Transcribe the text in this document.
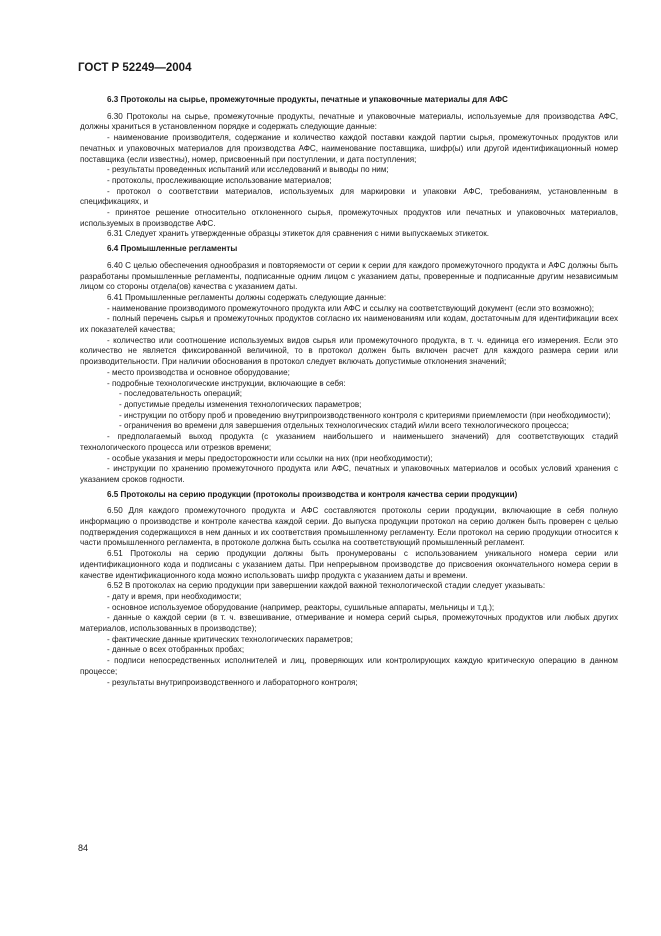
ГОСТ Р 52249—2004
6.3 Протоколы на сырье, промежуточные продукты, печатные и упаковочные материалы для АФС
6.30 Протоколы на сырье, промежуточные продукты, печатные и упаковочные материалы, используемые для производства АФС, должны храниться в установленном порядке и содержать следующие данные:
- наименование производителя, содержание и количество каждой поставки каждой партии сырья, промежуточных продуктов или печатных и упаковочных материалов для производства АФС, наименование поставщика, шифр(ы) или другой идентификационный номер поставщика (если известны), номер, присвоенный при поступлении, и дата поступления;
- результаты проведенных испытаний или исследований и выводы по ним;
- протоколы, прослеживающие использование материалов;
- протокол о соответствии материалов, используемых для маркировки и упаковки АФС, требованиям, установленным в спецификациях, и
- принятое решение относительно отклоненного сырья, промежуточных продуктов или печатных и упаковочных материалов, используемых в производстве АФС.
6.31 Следует хранить утвержденные образцы этикеток для сравнения с ними выпускаемых этикеток.
6.4 Промышленные регламенты
6.40 С целью обеспечения однообразия и повторяемости от серии к серии для каждого промежуточного продукта и АФС должны быть разработаны промышленные регламенты, подписанные одним лицом с указанием даты, проверенные и подписанные другим независимым лицом со стороны отдела(ов) качества с указанием даты.
6.41 Промышленные регламенты должны содержать следующие данные:
- наименование производимого промежуточного продукта или АФС и ссылку на соответствующий документ (если это возможно);
- полный перечень сырья и промежуточных продуктов согласно их наименованиям или кодам, достаточным для идентификации всех их показателей качества;
- количество или соотношение используемых видов сырья или промежуточного продукта, в т. ч. единица его измерения. Если это количество не является фиксированной величиной, то в протокол должен быть включен расчет для каждого размера серии или производительности. При наличии обоснования в протокол следует включать допустимые отклонения значений;
- место производства и основное оборудование;
- подробные технологические инструкции, включающие в себя:
- последовательность операций;
- допустимые пределы изменения технологических параметров;
- инструкции по отбору проб и проведению внутрипроизводственного контроля с критериями приемлемости (при необходимости);
- ограничения во времени для завершения отдельных технологических стадий и/или всего технологического процесса;
- предполагаемый выход продукта (с указанием наибольшего и наименьшего значений) для соответствующих стадий технологического процесса или отрезков времени;
- особые указания и меры предосторожности или ссылки на них (при необходимости);
- инструкции по хранению промежуточного продукта или АФС, печатных и упаковочных материалов и особых условий хранения с указанием сроков годности.
6.5 Протоколы на серию продукции (протоколы производства и контроля качества серии продукции)
6.50 Для каждого промежуточного продукта и АФС составляются протоколы серии продукции, включающие в себя полную информацию о производстве и контроле качества каждой серии. До выпуска продукции протокол на серию должен быть проверен с целью подтверждения содержащихся в нем данных и их соответствия промышленному регламенту. Если протокол на серию продукции относится к части промышленного регламента, в протоколе должна быть ссылка на соответствующий промышленный регламент.
6.51 Протоколы на серию продукции должны быть пронумерованы с использованием уникального номера серии или идентификационного кода и подписаны с указанием даты. При непрерывном производстве до присвоения окончательного номера серии в качестве идентификационного кода можно использовать шифр продукта с указанием даты и времени.
6.52 В протоколах на серию продукции при завершении каждой важной технологической стадии следует указывать:
- дату и время, при необходимости;
- основное используемое оборудование (например, реакторы, сушильные аппараты, мельницы и т.д.);
- данные о каждой серии (в т. ч. взвешивание, отмеривание и номера серий сырья, промежуточных продуктов или любых других материалов, использованных в производстве);
- фактические данные критических технологических параметров;
- данные о всех отобранных пробах;
- подписи непосредственных исполнителей и лиц, проверяющих или контролирующих каждую критическую операцию в данном процессе;
- результаты внутрипроизводственного и лабораторного контроля;
84
